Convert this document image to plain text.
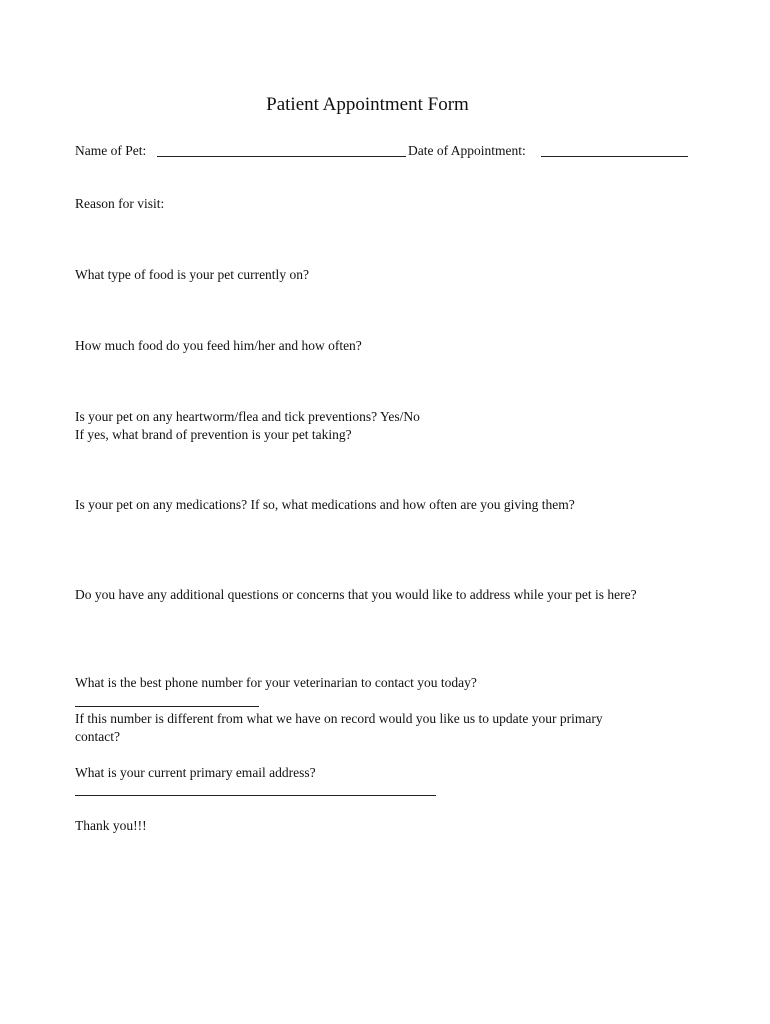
Patient Appointment Form
Name of Pet:	Date of Appointment:
Reason for visit:
What type of food is your pet currently on?
How much food do you feed him/her and how often?
Is your pet on any heartworm/flea and tick preventions? Yes/No
If yes, what brand of prevention is your pet taking?
Is your pet on any medications? If so, what medications and how often are you giving them?
Do you have any additional questions or concerns that you would like to address while your pet is here?
What is the best phone number for your veterinarian to contact you today?
If this number is different from what we have on record would you like us to update your primary
contact?
What is your current primary email address?
Thank you!!!
